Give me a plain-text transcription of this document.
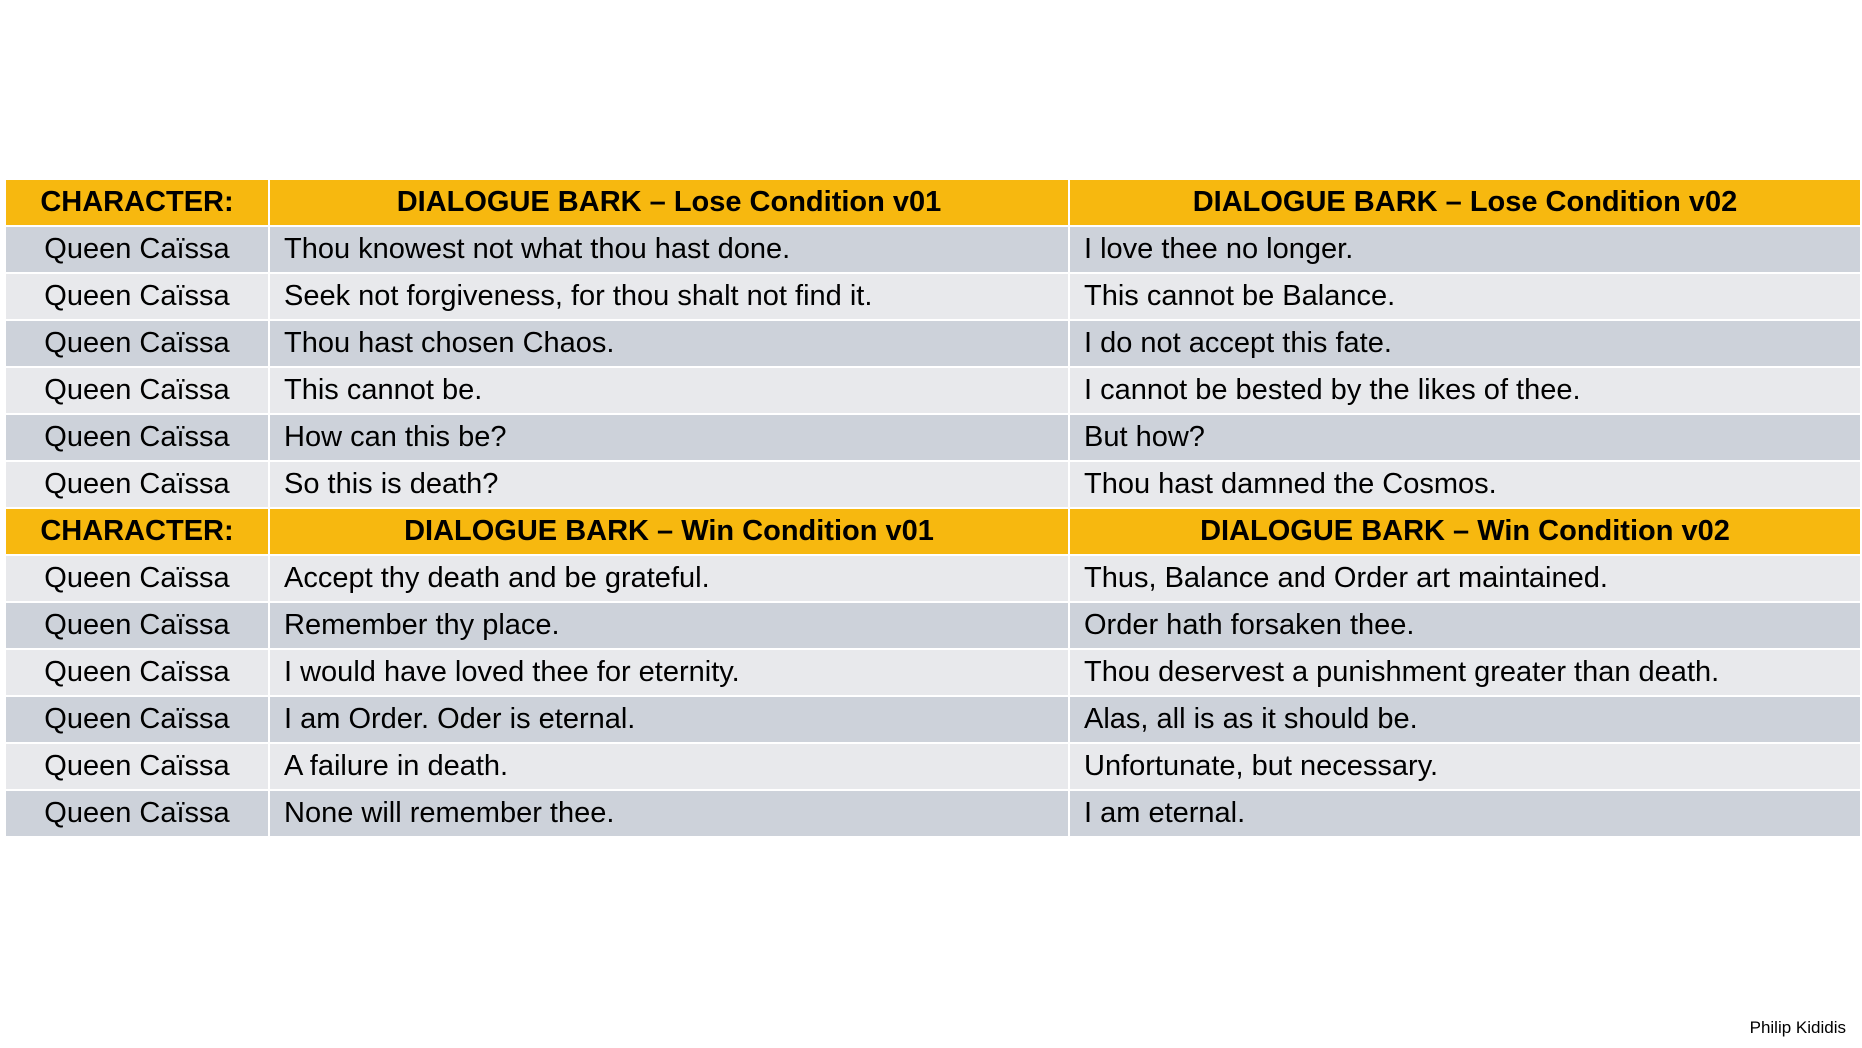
CHARACTER:	DIALOGUE BARK – Lose Condition v01	DIALOGUE BARK – Lose Condition v02
Queen Caïssa	Thou knowest not what thou hast done.	I love thee no longer.
Queen Caïssa	Seek not forgiveness, for thou shalt not find it.	This cannot be Balance.
Queen Caïssa	Thou hast chosen Chaos.	I do not accept this fate.
Queen Caïssa	This cannot be.	I cannot be bested by the likes of thee.
Queen Caïssa	How can this be?	But how?
Queen Caïssa	So this is death?	Thou hast damned the Cosmos.
CHARACTER:	DIALOGUE BARK – Win Condition v01	DIALOGUE BARK – Win Condition v02
Queen Caïssa	Accept thy death and be grateful.	Thus, Balance and Order art maintained.
Queen Caïssa	Remember thy place.	Order hath forsaken thee.
Queen Caïssa	I would have loved thee for eternity.	Thou deservest a punishment greater than death.
Queen Caïssa	I am Order. Oder is eternal.	Alas, all is as it should be.
Queen Caïssa	A failure in death.	Unfortunate, but necessary.
Queen Caïssa	None will remember thee.	I am eternal.
Philip Kididis
